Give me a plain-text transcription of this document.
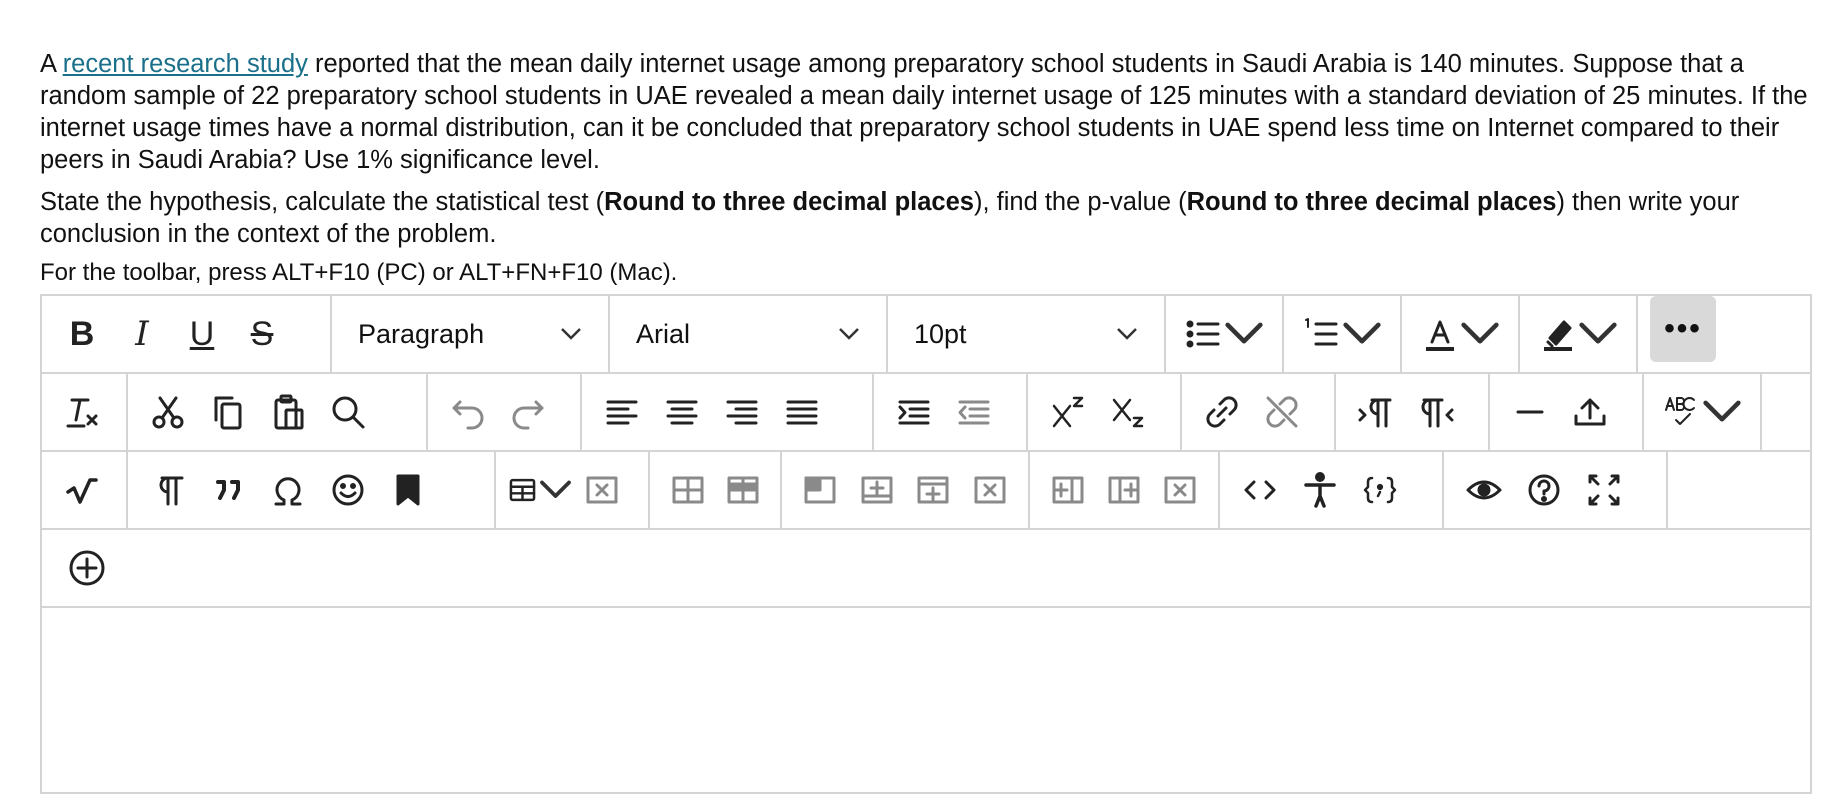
A recent research study reported that the mean daily internet usage among preparatory school students in Saudi Arabia is 140 minutes. Suppose that a random sample of 22 preparatory school students in UAE revealed a mean daily internet usage of 125 minutes with a standard deviation of 25 minutes. If the internet usage times have a normal distribution, can it be concluded that preparatory school students in UAE spend less time on Internet compared to their peers in Saudi Arabia? Use 1% significance level.

State the hypothesis, calculate the statistical test (Round to three decimal places), find the p-value (Round to three decimal places) then write your conclusion in the context of the problem.

For the toolbar, press ALT+F10 (PC) or ALT+FN+F10 (Mac).

B I U S	Paragraph	Arial	10pt	•••
